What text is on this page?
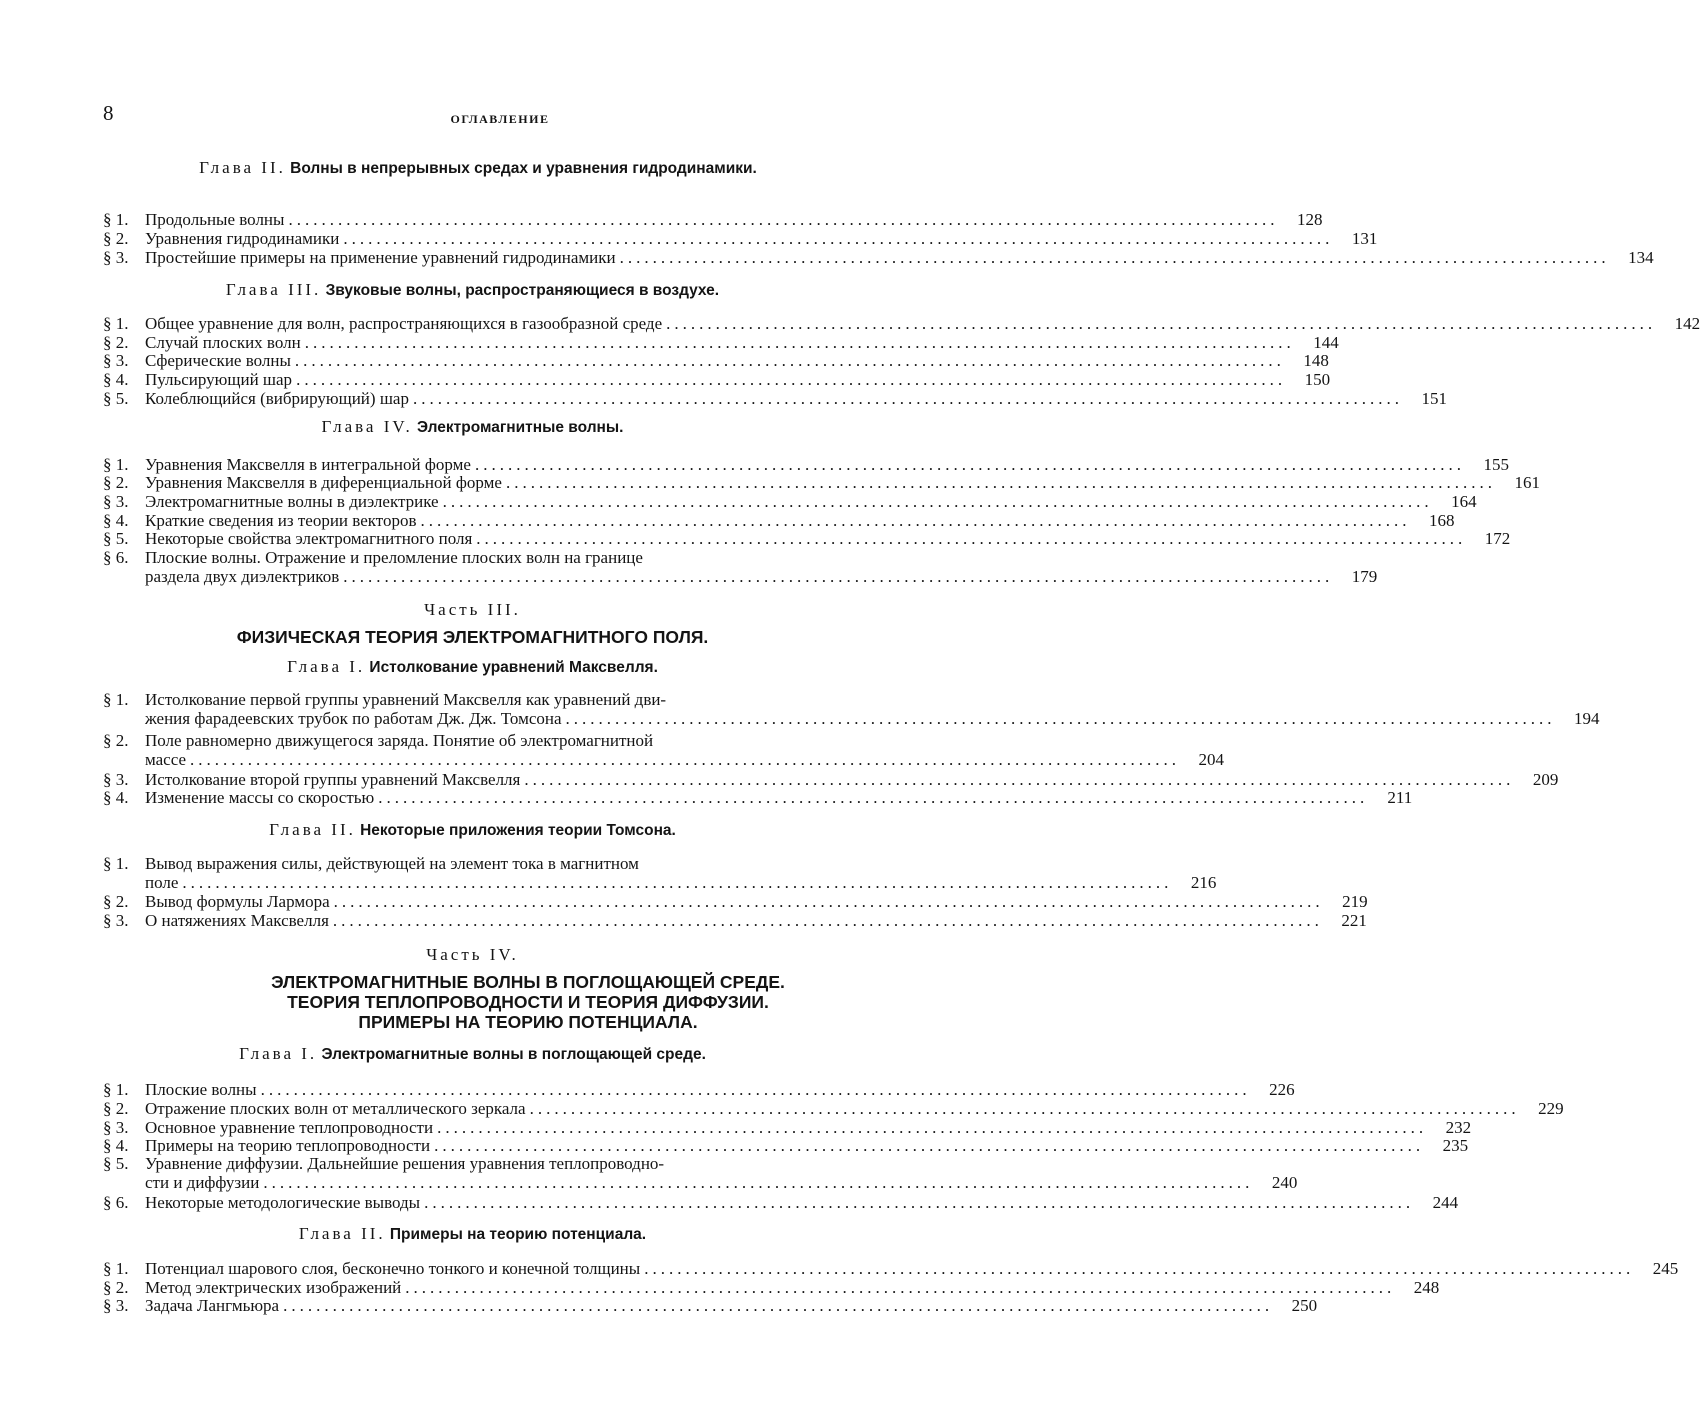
8	ОГЛАВЛЕНИЕ
Глава II. Волны в непрерывных средах и уравнения гидродинамики.
§ 1. Продольные волны ........................................................................................................................	128
§ 2. Уравнения гидродинамики ........................................................................................................................	131
§ 3. Простейшие примеры на применение уравнений гидродинамики ........................................................................................................................	134
Глава III. Звуковые волны, распространяющиеся в воздухе.
§ 1. Общее уравнение для волн, распространяющихся в газообразной среде ........................................................................................................................	142
§ 2. Случай плоских волн ........................................................................................................................	144
§ 3. Сферические волны ........................................................................................................................	148
§ 4. Пульсирующий шар ........................................................................................................................	150
§ 5. Колеблющийся (вибрирующий) шар ........................................................................................................................	151
Глава IV. Электромагнитные волны.
§ 1. Уравнения Максвелля в интегральной форме ........................................................................................................................	155
§ 2. Уравнения Максвелля в диференциальной форме ........................................................................................................................	161
§ 3. Электромагнитные волны в диэлектрике ........................................................................................................................	164
§ 4. Краткие сведения из теории векторов ........................................................................................................................	168
§ 5. Некоторые свойства электромагнитного поля ........................................................................................................................	172
§ 6. Плоские волны. Отражение и преломление плоских волн на границе
раздела двух диэлектриков ........................................................................................................................	179
Часть III.
ФИЗИЧЕСКАЯ ТЕОРИЯ ЭЛЕКТРОМАГНИТНОГО ПОЛЯ.
Глава I. Истолкование уравнений Максвелля.
§ 1. Истолкование первой группы уравнений Максвелля как уравнений дви-
жения фарадеевских трубок по работам Дж. Дж. Томсона ........................................................................................................................	194
§ 2. Поле равномерно движущегося заряда. Понятие об электромагнитной
массе ........................................................................................................................	204
§ 3. Истолкование второй группы уравнений Максвелля ........................................................................................................................	209
§ 4. Изменение массы со скоростью ........................................................................................................................	211
Глава II. Некоторые приложения теории Томсона.
§ 1. Вывод выражения силы, действующей на элемент тока в магнитном
поле ........................................................................................................................	216
§ 2. Вывод формулы Лармора ........................................................................................................................	219
§ 3. О натяжениях Максвелля ........................................................................................................................	221
Часть IV.
ЭЛЕКТРОМАГНИТНЫЕ ВОЛНЫ В ПОГЛОЩАЮЩЕЙ СРЕДЕ. ТЕОРИЯ ТЕПЛОПРОВОДНОСТИ И ТЕОРИЯ ДИФФУЗИИ. ПРИМЕРЫ НА ТЕОРИЮ ПОТЕНЦИАЛА.
Глава I. Электромагнитные волны в поглощающей среде.
§ 1. Плоские волны ........................................................................................................................	226
§ 2. Отражение плоских волн от металлического зеркала ........................................................................................................................	229
§ 3. Основное уравнение теплопроводности ........................................................................................................................	232
§ 4. Примеры на теорию теплопроводности ........................................................................................................................	235
§ 5. Уравнение диффузии. Дальнейшие решения уравнения теплопроводно-
сти и диффузии ........................................................................................................................	240
§ 6. Некоторые методологические выводы ........................................................................................................................	244
Глава II. Примеры на теорию потенциала.
§ 1. Потенциал шарового слоя, бесконечно тонкого и конечной толщины ........................................................................................................................	245
§ 2. Метод электрических изображений ........................................................................................................................	248
§ 3. Задача Лангмьюра ........................................................................................................................	250
